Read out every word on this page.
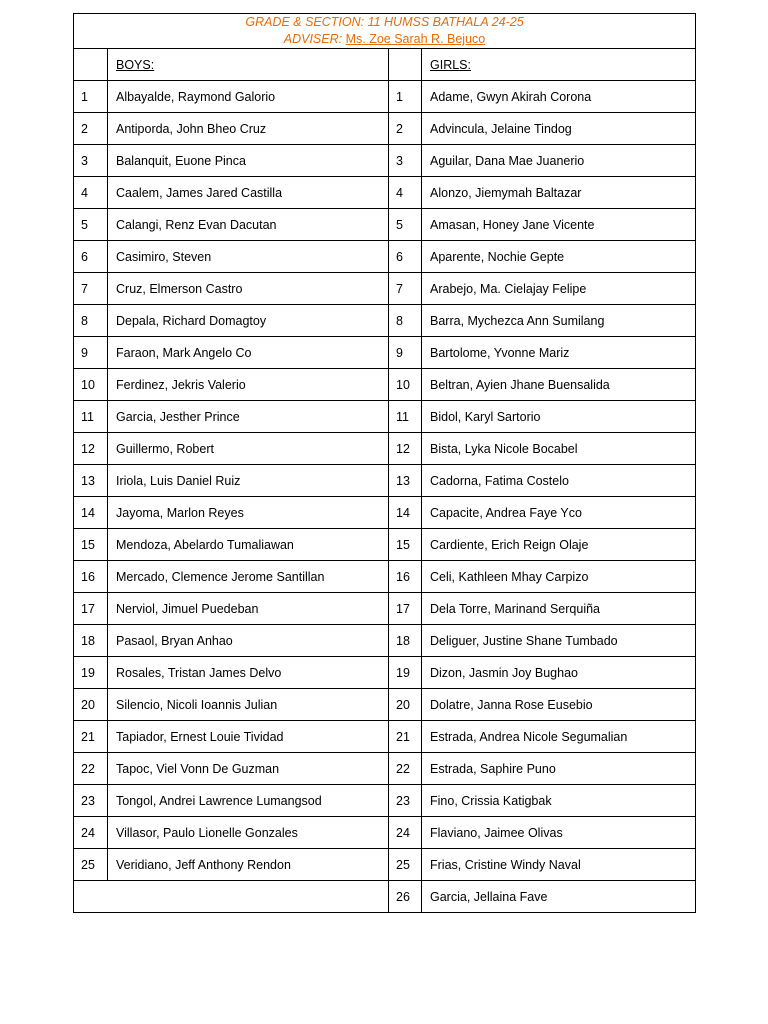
GRADE & SECTION: 11 HUMSS BATHALA 24-25
ADVISER: Ms. Zoe Sarah R. Bejuco			

	BOYS:		GIRLS:
1	Albayalde, Raymond Galorio	1	Adame, Gwyn Akirah Corona
2	Antiporda, John Bheo Cruz	2	Advincula, Jelaine Tindog
3	Balanquit, Euone Pinca	3	Aguilar, Dana Mae Juanerio
4	Caalem, James Jared Castilla	4	Alonzo, Jiemymah Baltazar
5	Calangi, Renz Evan Dacutan	5	Amasan, Honey Jane Vicente
6	Casimiro, Steven	6	Aparente, Nochie Gepte
7	Cruz, Elmerson Castro	7	Arabejo, Ma. Cielajay Felipe
8	Depala, Richard Domagtoy	8	Barra, Mychezca Ann Sumilang
9	Faraon, Mark Angelo Co	9	Bartolome, Yvonne Mariz
10	Ferdinez, Jekris Valerio	10	Beltran, Ayien Jhane Buensalida
11	Garcia, Jesther Prince	11	Bidol, Karyl Sartorio
12	Guillermo, Robert	12	Bista, Lyka Nicole Bocabel
13	Iriola, Luis Daniel Ruiz	13	Cadorna, Fatima Costelo
14	Jayoma, Marlon Reyes	14	Capacite, Andrea Faye Yco
15	Mendoza, Abelardo Tumaliawan	15	Cardiente, Erich Reign Olaje
16	Mercado, Clemence Jerome Santillan	16	Celi, Kathleen Mhay Carpizo
17	Nerviol, Jimuel Puedeban	17	Dela Torre, Marinand Serquiña
18	Pasaol, Bryan Anhao	18	Deliguer, Justine Shane Tumbado
19	Rosales, Tristan James Delvo	19	Dizon, Jasmin Joy Bughao
20	Silencio, Nicoli Ioannis Julian	20	Dolatre, Janna Rose Eusebio
21	Tapiador, Ernest Louie Tividad	21	Estrada, Andrea Nicole Segumalian
22	Tapoc, Viel Vonn De Guzman	22	Estrada, Saphire Puno
23	Tongol, Andrei Lawrence Lumangsod	23	Fino, Crissia Katigbak
24	Villasor, Paulo Lionelle Gonzales	24	Flaviano, Jaimee Olivas
25	Veridiano, Jeff Anthony Rendon	25	Frias, Cristine Windy Naval
		26	Garcia, Jellaina Fave
